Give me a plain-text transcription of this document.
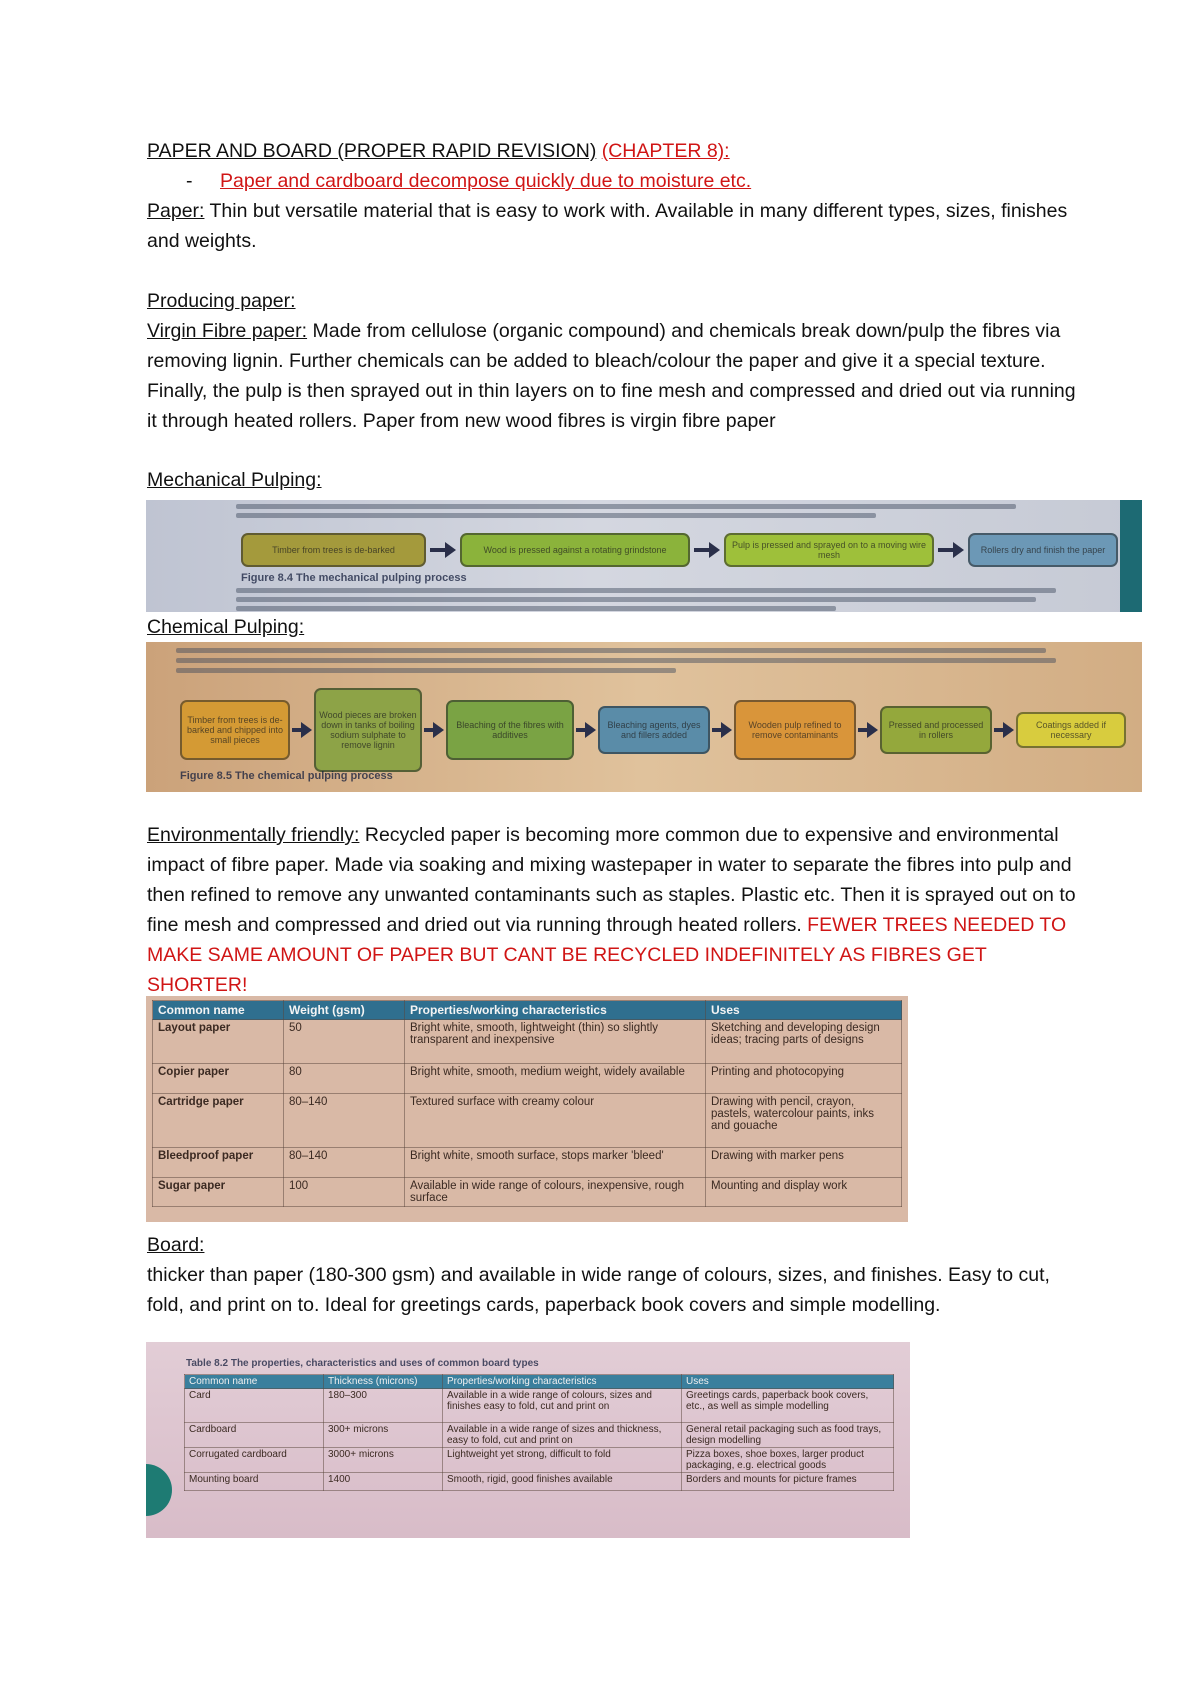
PAPER AND BOARD (PROPER RAPID REVISION) (CHAPTER 8):
- Paper and cardboard decompose quickly due to moisture etc.
Paper: Thin but versatile material that is easy to work with. Available in many different types, sizes, finishes and weights.
Producing paper:
Virgin Fibre paper: Made from cellulose (organic compound) and chemicals break down/pulp the fibres via removing lignin. Further chemicals can be added to bleach/colour the paper and give it a special texture. Finally, the pulp is then sprayed out in thin layers on to fine mesh and compressed and dried out via running it through heated rollers. Paper from new wood fibres is virgin fibre paper
Mechanical Pulping:
Timber from trees is de-barked	Wood is pressed against a rotating grindstone	Pulp is pressed and sprayed on to a moving wire mesh	Rollers dry and finish the paper
Figure 8.4 The mechanical pulping process
Chemical Pulping:
Timber from trees is de-barked and chipped into small pieces
Wood pieces are broken down in tanks of boiling sodium sulphate to remove lignin
Bleaching of the fibres with additives
Bleaching agents, dyes and fillers added
Wooden pulp refined to remove contaminants
Pressed and processed in rollers
Coatings added if necessary
Figure 8.5 The chemical pulping process
Environmentally friendly: Recycled paper is becoming more common due to expensive and environmental impact of fibre paper. Made via soaking and mixing wastepaper in water to separate the fibres into pulp and then refined to remove any unwanted contaminants such as staples. Plastic etc. Then it is sprayed out on to fine mesh and compressed and dried out via running through heated rollers. FEWER TREES NEEDED TO MAKE SAME AMOUNT OF PAPER BUT CANT BE RECYCLED INDEFINITELY AS FIBRES GET SHORTER!
Common name	Weight (gsm)	Properties/working characteristics	Uses
Layout paper	50	Bright white, smooth, lightweight (thin) so slightly transparent and inexpensive	Sketching and developing design ideas; tracing parts of designs
Copier paper	80	Bright white, smooth, medium weight, widely available	Printing and photocopying
Cartridge paper	80–140	Textured surface with creamy colour	Drawing with pencil, crayon, pastels, watercolour paints, inks and gouache
Bleedproof paper	80–140	Bright white, smooth surface, stops marker 'bleed'	Drawing with marker pens
Sugar paper	100	Available in wide range of colours, inexpensive, rough surface	Mounting and display work
Board:
thicker than paper (180-300 gsm) and available in wide range of colours, sizes, and finishes. Easy to cut, fold, and print on to. Ideal for greetings cards, paperback book covers and simple modelling.
Table 8.2 The properties, characteristics and uses of common board types
Common name	Thickness (microns)	Properties/working characteristics	Uses
Card	180–300	Available in a wide range of colours, sizes and finishes easy to fold, cut and print on	Greetings cards, paperback book covers, etc., as well as simple modelling
Cardboard	300+ microns	Available in a wide range of sizes and thickness, easy to fold, cut and print on	General retail packaging such as food trays, design modelling
Corrugated cardboard	3000+ microns	Lightweight yet strong, difficult to fold	Pizza boxes, shoe boxes, larger product packaging, e.g. electrical goods
Mounting board	1400	Smooth, rigid, good finishes available	Borders and mounts for picture frames
